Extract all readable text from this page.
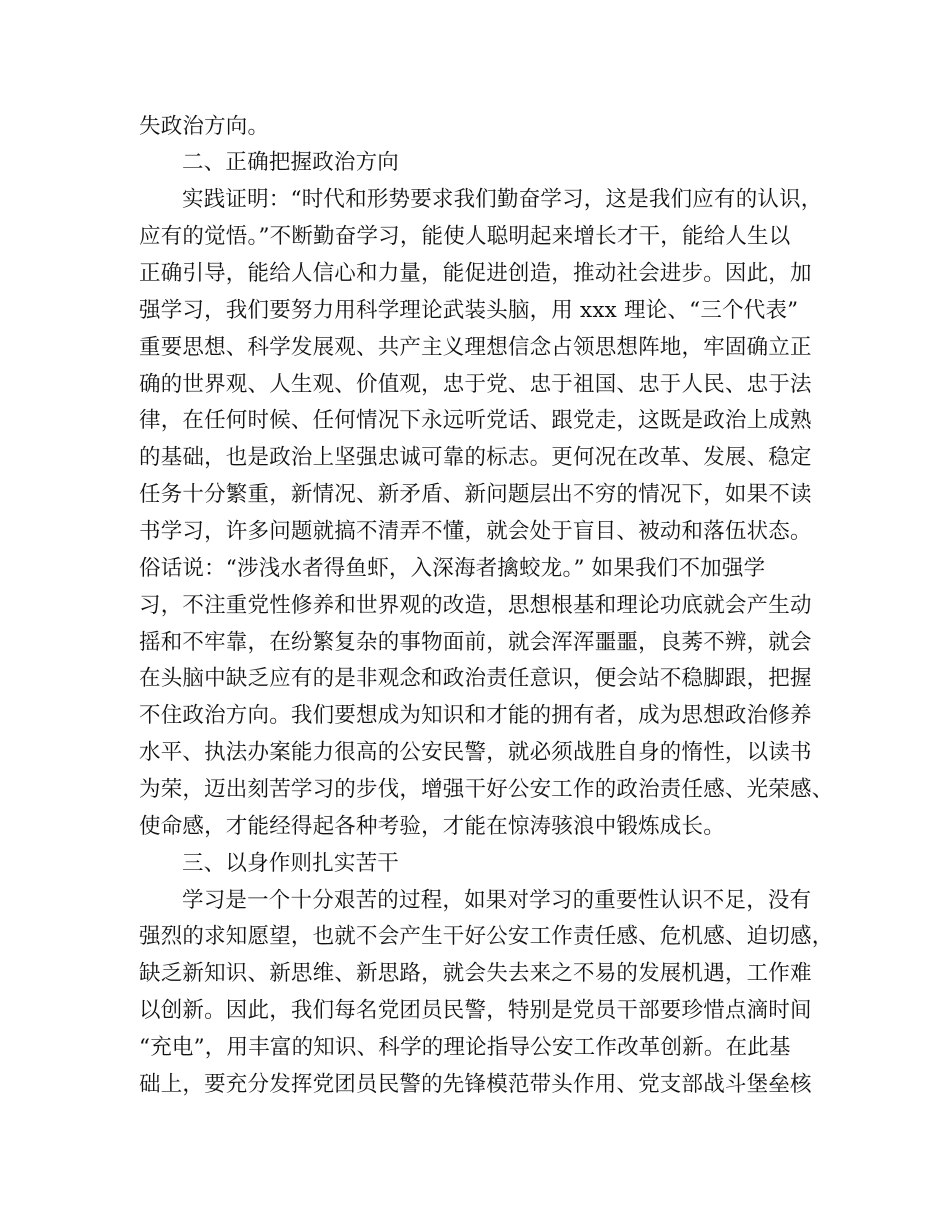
失政治方向。
二、正确把握政治方向
实践证明：“时代和形势要求我们勤奋学习，这是我们应有的认识，
应有的觉悟。”不断勤奋学习，能使人聪明起来增长才干，能给人生以
正确引导，能给人信心和力量，能促进创造，推动社会进步。因此，加
强学习，我们要努力用科学理论武装头脑，用 xxx 理论、“三个代表”
重要思想、科学发展观、共产主义理想信念占领思想阵地，牢固确立正
确的世界观、人生观、价值观，忠于党、忠于祖国、忠于人民、忠于法
律，在任何时候、任何情况下永远听党话、跟党走，这既是政治上成熟
的基础，也是政治上坚强忠诚可靠的标志。更何况在改革、发展、稳定
任务十分繁重，新情况、新矛盾、新问题层出不穷的情况下，如果不读
书学习，许多问题就搞不清弄不懂，就会处于盲目、被动和落伍状态。
俗话说：“涉浅水者得鱼虾，入深海者擒蛟龙。” 如果我们不加强学
习，不注重党性修养和世界观的改造，思想根基和理论功底就会产生动
摇和不牢靠，在纷繁复杂的事物面前，就会浑浑噩噩，良莠不辨，就会
在头脑中缺乏应有的是非观念和政治责任意识，便会站不稳脚跟，把握
不住政治方向。我们要想成为知识和才能的拥有者，成为思想政治修养
水平、执法办案能力很高的公安民警，就必须战胜自身的惰性，以读书
为荣，迈出刻苦学习的步伐，增强干好公安工作的政治责任感、光荣感、
使命感，才能经得起各种考验，才能在惊涛骇浪中锻炼成长。
三、以身作则扎实苦干
学习是一个十分艰苦的过程，如果对学习的重要性认识不足，没有
强烈的求知愿望，也就不会产生干好公安工作责任感、危机感、迫切感，
缺乏新知识、新思维、新思路，就会失去来之不易的发展机遇，工作难
以创新。因此，我们每名党团员民警，特别是党员干部要珍惜点滴时间
“充电”，用丰富的知识、科学的理论指导公安工作改革创新。在此基
础上，要充分发挥党团员民警的先锋模范带头作用、党支部战斗堡垒核
